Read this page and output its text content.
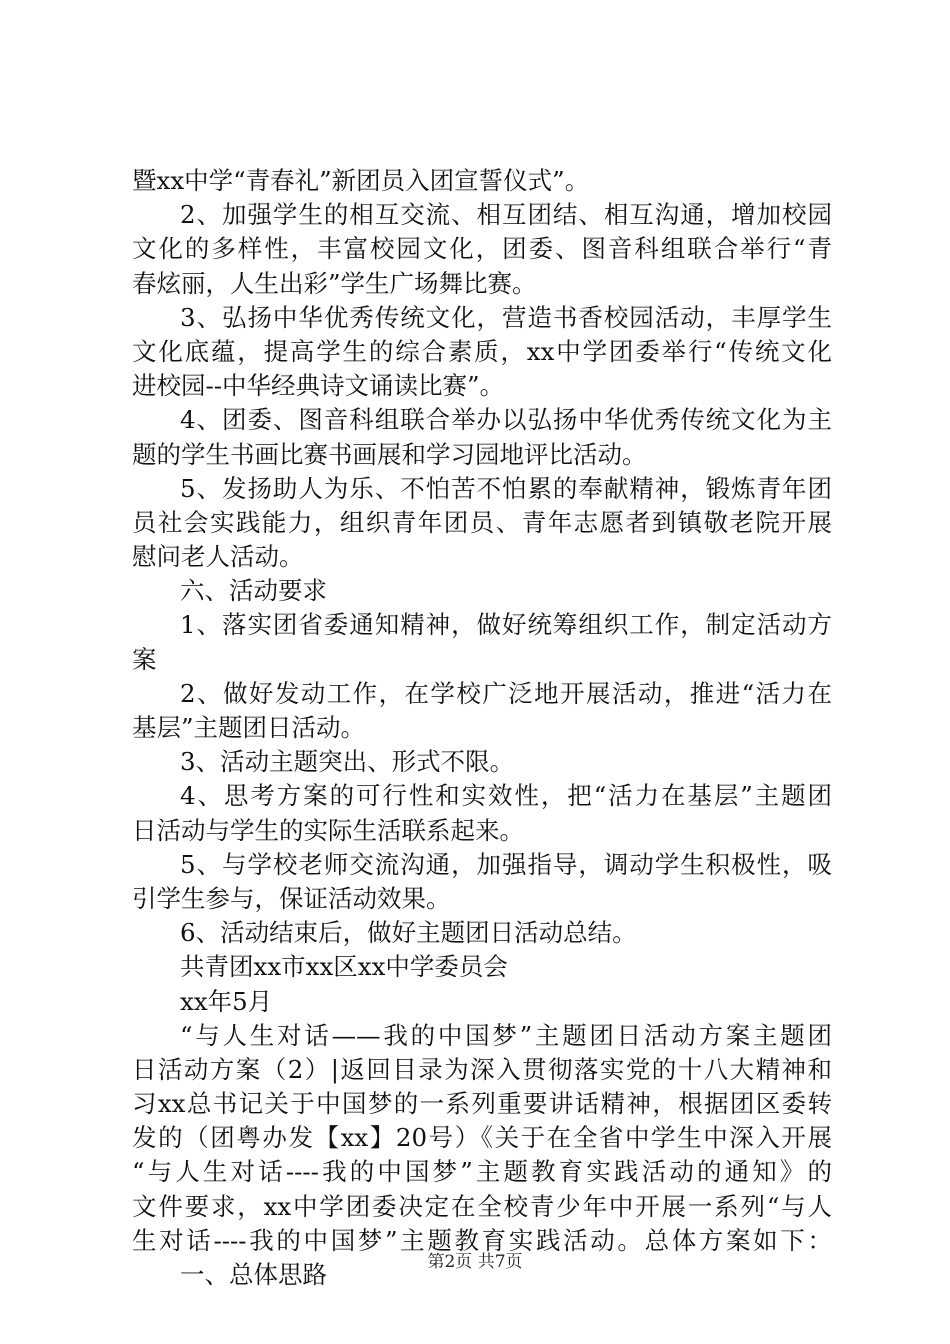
暨xx中学“青春礼”新团员入团宣誓仪式”。
2、加强学生的相互交流、相互团结、相互沟通，增加校园
文化的多样性，丰富校园文化，团委、图音科组联合举行“青
春炫丽，人生出彩”学生广场舞比赛。
3、弘扬中华优秀传统文化，营造书香校园活动，丰厚学生
文化底蕴，提高学生的综合素质，xx中学团委举行“传统文化
进校园--中华经典诗文诵读比赛”。
4、团委、图音科组联合举办以弘扬中华优秀传统文化为主
题的学生书画比赛书画展和学习园地评比活动。
5、发扬助人为乐、不怕苦不怕累的奉献精神，锻炼青年团
员社会实践能力，组织青年团员、青年志愿者到镇敬老院开展
慰问老人活动。
六、活动要求
1、落实团省委通知精神，做好统筹组织工作，制定活动方
案
2、做好发动工作，在学校广泛地开展活动，推进“活力在
基层”主题团日活动。
3、活动主题突出、形式不限。
4、思考方案的可行性和实效性，把“活力在基层”主题团
日活动与学生的实际生活联系起来。
5、与学校老师交流沟通，加强指导，调动学生积极性，吸
引学生参与，保证活动效果。
6、活动结束后，做好主题团日活动总结。
共青团xx市xx区xx中学委员会
xx年5月
“与人生对话——我的中国梦”主题团日活动方案主题团
日活动方案（2）|返回目录为深入贯彻落实党的十八大精神和
习xx总书记关于中国梦的一系列重要讲话精神，根据团区委转
发的（团粤办发【xx】20号）《关于在全省中学生中深入开展
“与人生对话----我的中国梦”主题教育实践活动的通知》的
文件要求，xx中学团委决定在全校青少年中开展一系列“与人
生对话----我的中国梦”主题教育实践活动。总体方案如下：
一、总体思路	第2页 共7页
